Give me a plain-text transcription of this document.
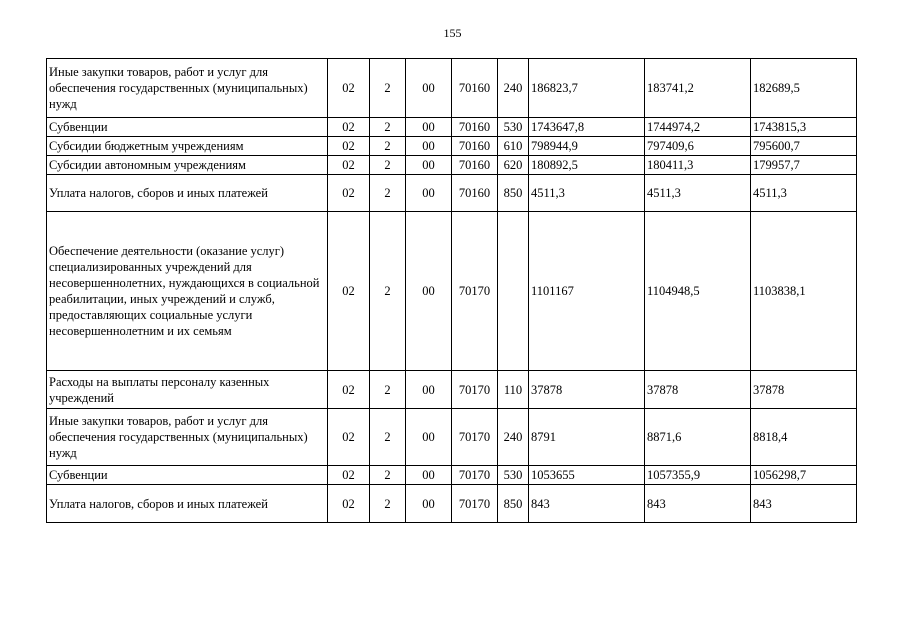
155
Иные закупки товаров, работ и услуг для обеспечения государственных (муниципальных) нужд	02	2	00	70160	240	186823,7	183741,2	182689,5
Субвенции	02	2	00	70160	530	1743647,8	1744974,2	1743815,3
Субсидии бюджетным учреждениям	02	2	00	70160	610	798944,9	797409,6	795600,7
Субсидии автономным учреждениям	02	2	00	70160	620	180892,5	180411,3	179957,7
Уплата налогов, сборов и иных платежей	02	2	00	70160	850	4511,3	4511,3	4511,3
Обеспечение деятельности (оказание услуг) специализированных учреждений для несовершеннолетних, нуждающихся в социальной реабилитации, иных учреждений и служб, предоставляющих социальные услуги несовершеннолетним и их семьям	02	2	00	70170		1101167	1104948,5	1103838,1
Расходы на выплаты персоналу казенных учреждений	02	2	00	70170	110	37878	37878	37878
Иные закупки товаров, работ и услуг для обеспечения государственных (муниципальных) нужд	02	2	00	70170	240	8791	8871,6	8818,4
Субвенции	02	2	00	70170	530	1053655	1057355,9	1056298,7
Уплата налогов, сборов и иных платежей	02	2	00	70170	850	843	843	843
